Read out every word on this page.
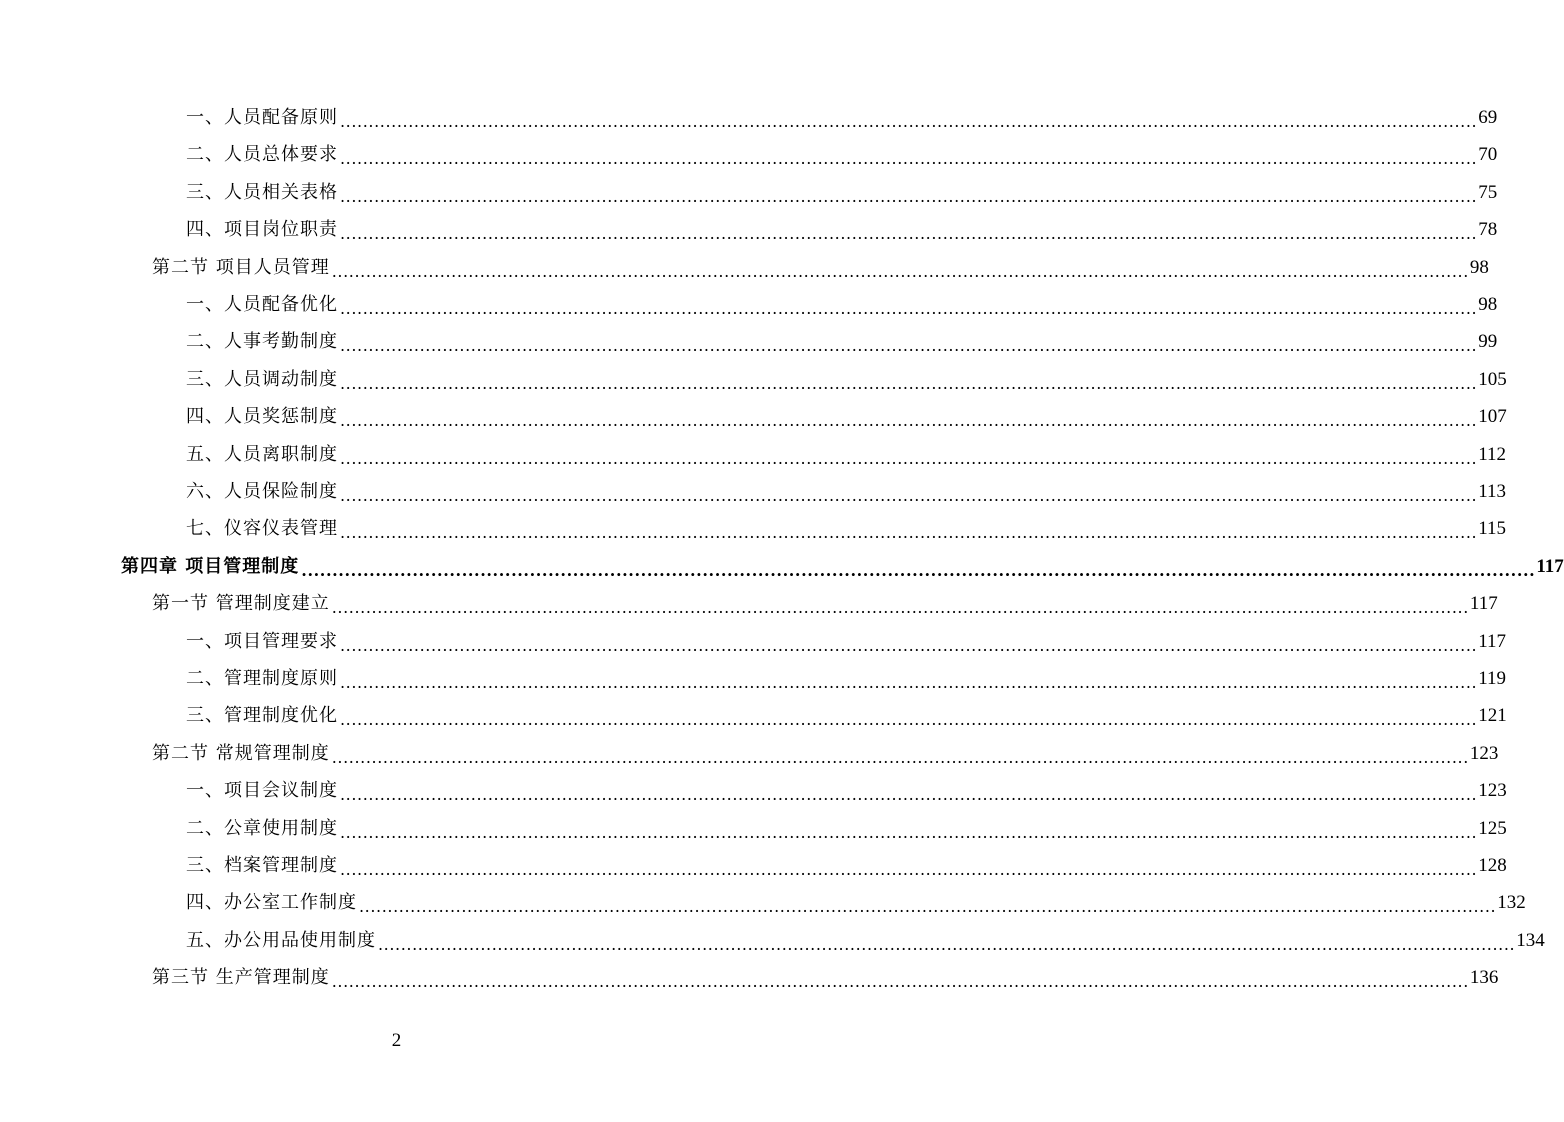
一、人员配备原则 ........................................................................................................................................................................................................ 69
二、人员总体要求 ........................................................................................................................................................................................................ 70
三、人员相关表格 ........................................................................................................................................................................................................ 75
四、项目岗位职责 ........................................................................................................................................................................................................ 78
第二节 项目人员管理 ........................................................................................................................................................................................................ 98
一、人员配备优化 ........................................................................................................................................................................................................ 98
二、人事考勤制度 ........................................................................................................................................................................................................ 99
三、人员调动制度 ........................................................................................................................................................................................................ 105
四、人员奖惩制度 ........................................................................................................................................................................................................ 107
五、人员离职制度 ........................................................................................................................................................................................................ 112
六、人员保险制度 ........................................................................................................................................................................................................ 113
七、仪容仪表管理 ........................................................................................................................................................................................................ 115
第四章 项目管理制度 ........................................................................................................................................................................................................ 117
第一节 管理制度建立 ........................................................................................................................................................................................................ 117
一、项目管理要求 ........................................................................................................................................................................................................ 117
二、管理制度原则 ........................................................................................................................................................................................................ 119
三、管理制度优化 ........................................................................................................................................................................................................ 121
第二节 常规管理制度 ........................................................................................................................................................................................................ 123
一、项目会议制度 ........................................................................................................................................................................................................ 123
二、公章使用制度 ........................................................................................................................................................................................................ 125
三、档案管理制度 ........................................................................................................................................................................................................ 128
四、办公室工作制度 ........................................................................................................................................................................................................ 132
五、办公用品使用制度 ........................................................................................................................................................................................................ 134
第三节 生产管理制度 ........................................................................................................................................................................................................ 136
2
